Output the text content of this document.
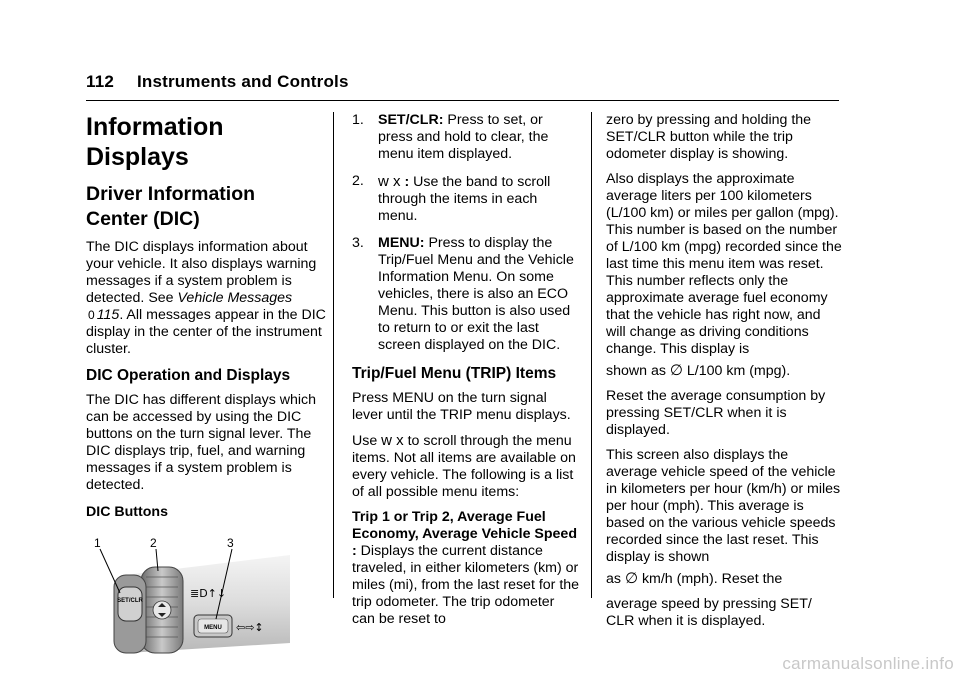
112 Instruments and Controls
Information Displays
Driver Information
Center (DIC)

The DIC displays information about your vehicle. It also displays warning messages if a system problem is detected. See Vehicle Messages 0 115. All messages appear in the DIC display in the center of the instrument cluster.

DIC Operation and Displays

The DIC has different displays which can be accessed by using the DIC buttons on the turn signal lever. The DIC displays trip, fuel, and warning messages if a system problem is detected.

DIC Buttons

SET/CLR
MENU
≣D↑↓
⇦⇨↕
1	2	3
1. SET/CLR: Press to set, or press and hold to clear, the menu item displayed.
2. w x : Use the band to scroll through the items in each menu.
3. MENU: Press to display the Trip/Fuel Menu and the Vehicle Information Menu. On some vehicles, there is also an ECO Menu. This button is also used to return to or exit the last screen displayed on the DIC.
Trip/Fuel Menu (TRIP) Items

Press MENU on the turn signal lever until the TRIP menu displays.

Use w x to scroll through the menu items. Not all items are available on every vehicle. The following is a list of all possible menu items:

Trip 1 or Trip 2, Average Fuel Economy, Average Vehicle Speed : Displays the current distance traveled, in either kilometers (km) or miles (mi), from the last reset for the trip odometer. The trip odometer can be reset to

zero by pressing and holding the SET/CLR button while the trip odometer display is showing.

Also displays the approximate average liters per 100 kilometers (L/100 km) or miles per gallon (mpg). This number is based on the number of L/100 km (mpg) recorded since the last time this menu item was reset. This number reflects only the approximate average fuel economy that the vehicle has right now, and will change as driving conditions change. This display is

shown as ∅ L/100 km (mpg).

Reset the average consumption by pressing SET/CLR when it is displayed.

This screen also displays the average vehicle speed of the vehicle in kilometers per hour (km/h) or miles per hour (mph). This average is based on the various vehicle speeds recorded since the last reset. This display is shown

as ∅ km/h (mph). Reset the

average speed by pressing SET/ CLR when it is displayed.

carmanualsonline.info
